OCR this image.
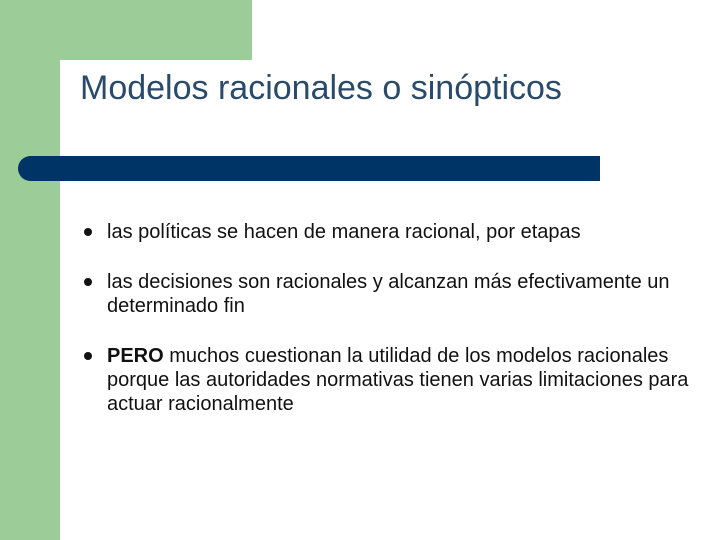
Modelos racionales o sinópticos
las políticas se hacen de manera racional, por etapas
las decisiones son racionales y alcanzan más efectivamente un determinado fin
PERO muchos cuestionan la utilidad de los modelos racionales porque las autoridades normativas tienen varias limitaciones para actuar racionalmente
